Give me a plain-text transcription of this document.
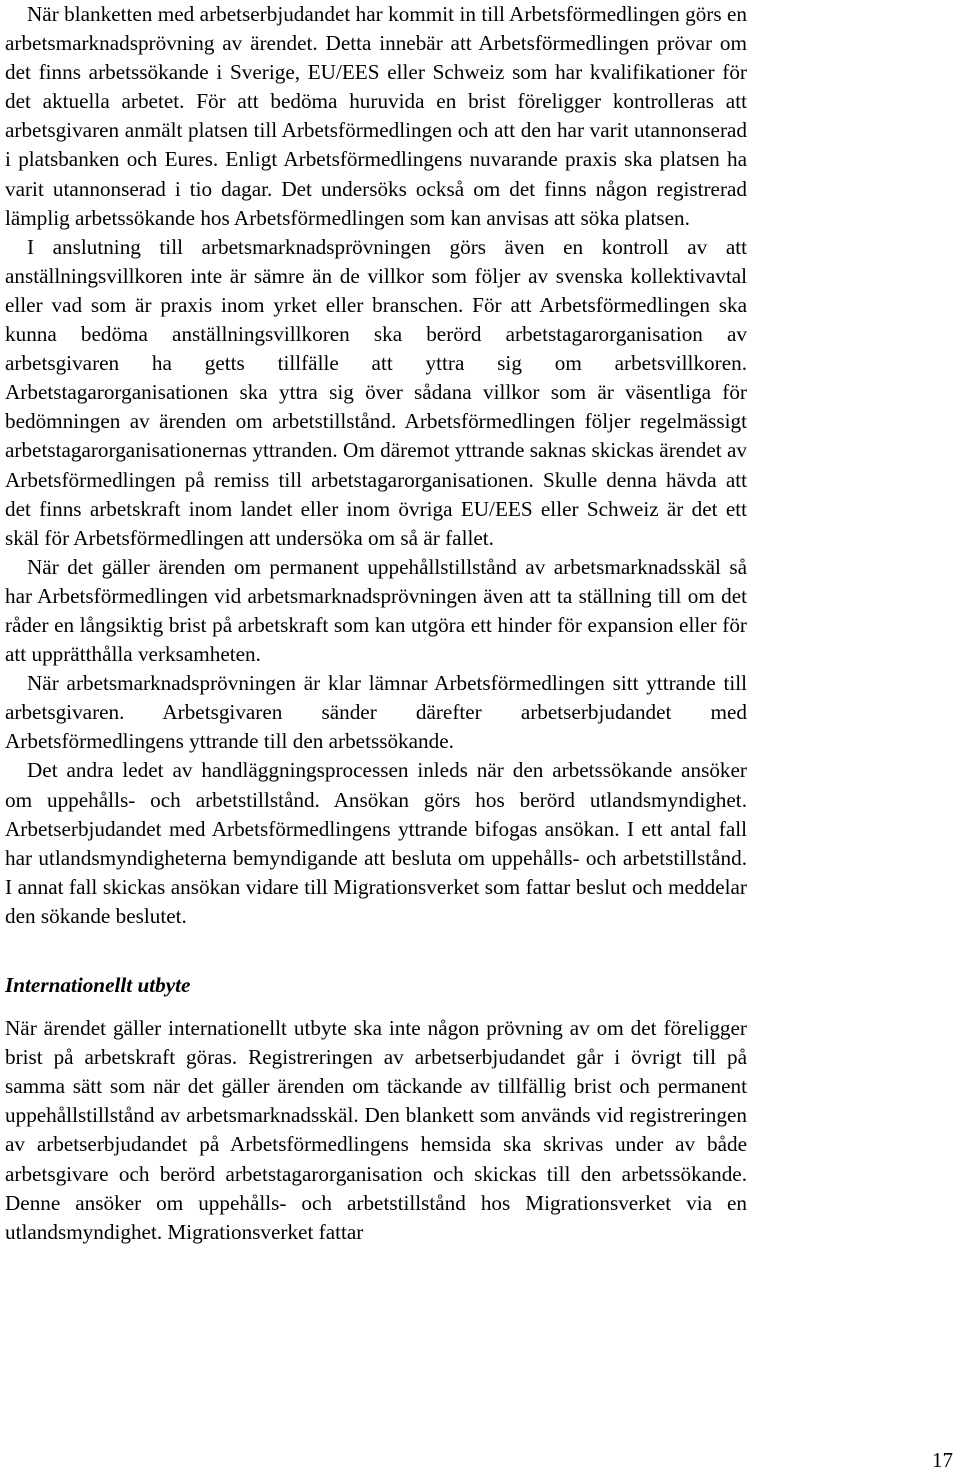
När blanketten med arbetserbjudandet har kommit in till Arbetsförmedlingen görs en arbetsmarknadsprövning av ärendet. Detta innebär att Arbetsförmedlingen prövar om det finns arbetssökande i Sverige, EU/EES eller Schweiz som har kvalifikationer för det aktuella arbetet. För att bedöma huruvida en brist föreligger kontrolleras att arbetsgivaren anmält platsen till Arbetsförmedlingen och att den har varit utannonserad i platsbanken och Eures. Enligt Arbetsförmedlingens nuvarande praxis ska platsen ha varit utannonserad i tio dagar. Det undersöks också om det finns någon registrerad lämplig arbetssökande hos Arbetsförmedlingen som kan anvisas att söka platsen.

I anslutning till arbetsmarknadsprövningen görs även en kontroll av att anställningsvillkoren inte är sämre än de villkor som följer av svenska kollektivavtal eller vad som är praxis inom yrket eller branschen. För att Arbetsförmedlingen ska kunna bedöma anställningsvillkoren ska berörd arbetstagarorganisation av arbetsgivaren ha getts tillfälle att yttra sig om arbetsvillkoren. Arbetstagarorganisationen ska yttra sig över sådana villkor som är väsentliga för bedömningen av ärenden om arbetstillstånd. Arbetsförmedlingen följer regelmässigt arbetstagarorganisationernas yttranden. Om däremot yttrande saknas skickas ärendet av Arbetsförmedlingen på remiss till arbetstagarorganisationen. Skulle denna hävda att det finns arbetskraft inom landet eller inom övriga EU/EES eller Schweiz är det ett skäl för Arbetsförmedlingen att undersöka om så är fallet.

När det gäller ärenden om permanent uppehållstillstånd av arbetsmarknadsskäl så har Arbetsförmedlingen vid arbetsmarknadsprövningen även att ta ställning till om det råder en långsiktig brist på arbetskraft som kan utgöra ett hinder för expansion eller för att upprätthålla verksamheten.

När arbetsmarknadsprövningen är klar lämnar Arbetsförmedlingen sitt yttrande till arbetsgivaren. Arbetsgivaren sänder därefter arbetserbjudandet med Arbetsförmedlingens yttrande till den arbetssökande.

Det andra ledet av handläggningsprocessen inleds när den arbetssökande ansöker om uppehålls- och arbetstillstånd. Ansökan görs hos berörd utlandsmyndighet. Arbetserbjudandet med Arbetsförmedlingens yttrande bifogas ansökan. I ett antal fall har utlandsmyndigheterna bemyndigande att besluta om uppehålls- och arbetstillstånd. I annat fall skickas ansökan vidare till Migrationsverket som fattar beslut och meddelar den sökande beslutet.

Internationellt utbyte

När ärendet gäller internationellt utbyte ska inte någon prövning av om det föreligger brist på arbetskraft göras. Registreringen av arbetserbjudandet går i övrigt till på samma sätt som när det gäller ärenden om täckande av tillfällig brist och permanent uppehållstillstånd av arbetsmarknadsskäl. Den blankett som används vid registreringen av arbetserbjudandet på Arbetsförmedlingens hemsida ska skrivas under av både arbetsgivare och berörd arbetstagarorganisation och skickas till den arbetssökande. Denne ansöker om uppehålls- och arbetstillstånd hos Migrationsverket via en utlandsmyndighet. Migrationsverket fattar

17
